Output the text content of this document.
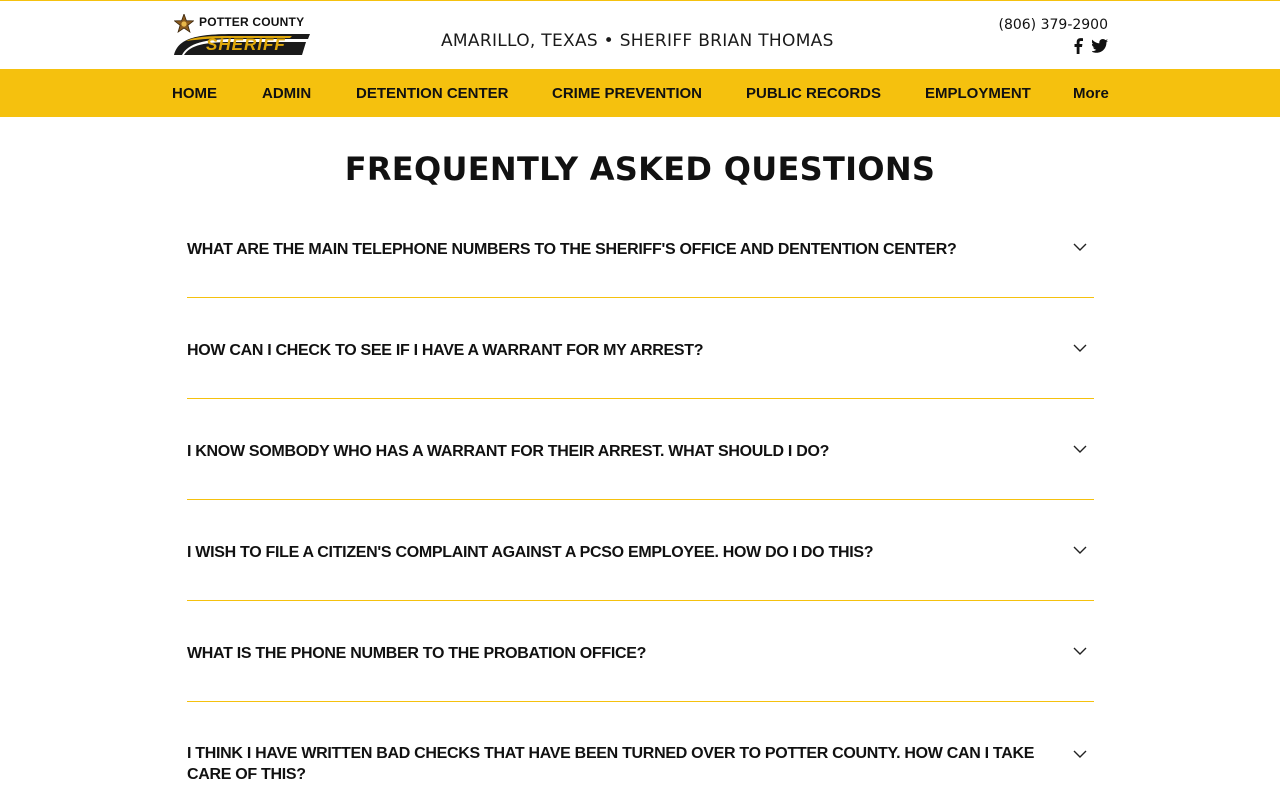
POTTER COUNTY
SHERIFF	AMARILLO, TEXAS • SHERIFF BRIAN THOMAS
(806) 379-2900
HOME	ADMIN	DETENTION CENTER	CRIME PREVENTION	PUBLIC RECORDS	EMPLOYMENT	More
FREQUENTLY ASKED QUESTIONS
WHAT ARE THE MAIN TELEPHONE NUMBERS TO THE SHERIFF'S OFFICE AND DENTENTION CENTER?
HOW CAN I CHECK TO SEE IF I HAVE A WARRANT FOR MY ARREST?
I KNOW SOMBODY WHO HAS A WARRANT FOR THEIR ARREST. WHAT SHOULD I DO?
I WISH TO FILE A CITIZEN'S COMPLAINT AGAINST A PCSO EMPLOYEE. HOW DO I DO THIS?
WHAT IS THE PHONE NUMBER TO THE PROBATION OFFICE?
I THINK I HAVE WRITTEN BAD CHECKS THAT HAVE BEEN TURNED OVER TO POTTER COUNTY. HOW CAN I TAKE CARE OF THIS?
